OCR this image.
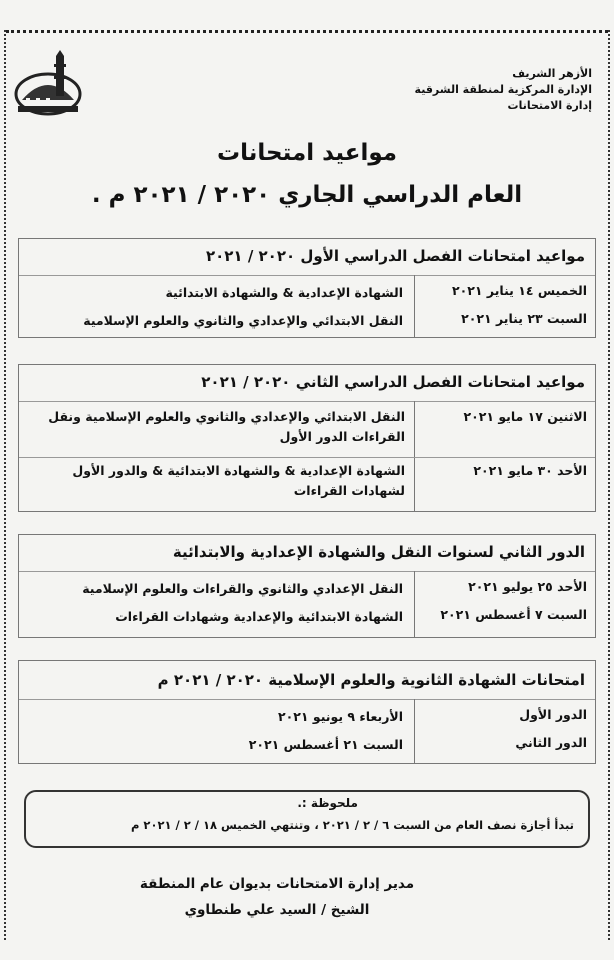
الأزهر الشريف
الإدارة المركزية لمنطقة الشرقية
إدارة الامتحانات
مواعيد امتحانات
العام الدراسي الجاري ٢٠٢٠ / ٢٠٢١ م .
مواعيد امتحانات الفصل الدراسي الأول ٢٠٢٠ / ٢٠٢١
الخميس ١٤ يناير ٢٠٢١
الشهادة الإعدادية & والشهادة الابتدائية
السبت ٢٣ يناير ٢٠٢١
النقل الابتدائي والإعدادي والثانوي والعلوم الإسلامية
مواعيد امتحانات الفصل الدراسي الثاني ٢٠٢٠ / ٢٠٢١
الاثنين ١٧ مايو ٢٠٢١
النقل الابتدائي والإعدادي والثانوي والعلوم الإسلامية ونقل القراءات الدور الأول
الأحد ٣٠ مايو ٢٠٢١
الشهادة الإعدادية & والشهادة الابتدائية & والدور الأول لشهادات القراءات
الدور الثاني لسنوات النقل والشهادة الإعدادية والابتدائية
الأحد ٢٥ يوليو ٢٠٢١
النقل الإعدادي والثانوي والقراءات والعلوم الإسلامية
السبت ٧ أغسطس ٢٠٢١
الشهادة الابتدائية والإعدادية وشهادات القراءات
امتحانات الشهادة الثانوية والعلوم الإسلامية ٢٠٢٠ / ٢٠٢١ م
الدور الأول
الأربعاء ٩ يونيو ٢٠٢١
الدور الثاني
السبت ٢١ أغسطس ٢٠٢١
ملحوظة :.
تبدأ أجازة نصف العام من السبت ٦ / ٢ / ٢٠٢١ ، وتنتهي الخميس ١٨ / ٢ / ٢٠٢١ م
مدير إدارة الامتحانات بديوان عام المنطقة
الشيخ / السيد علي طنطاوي
